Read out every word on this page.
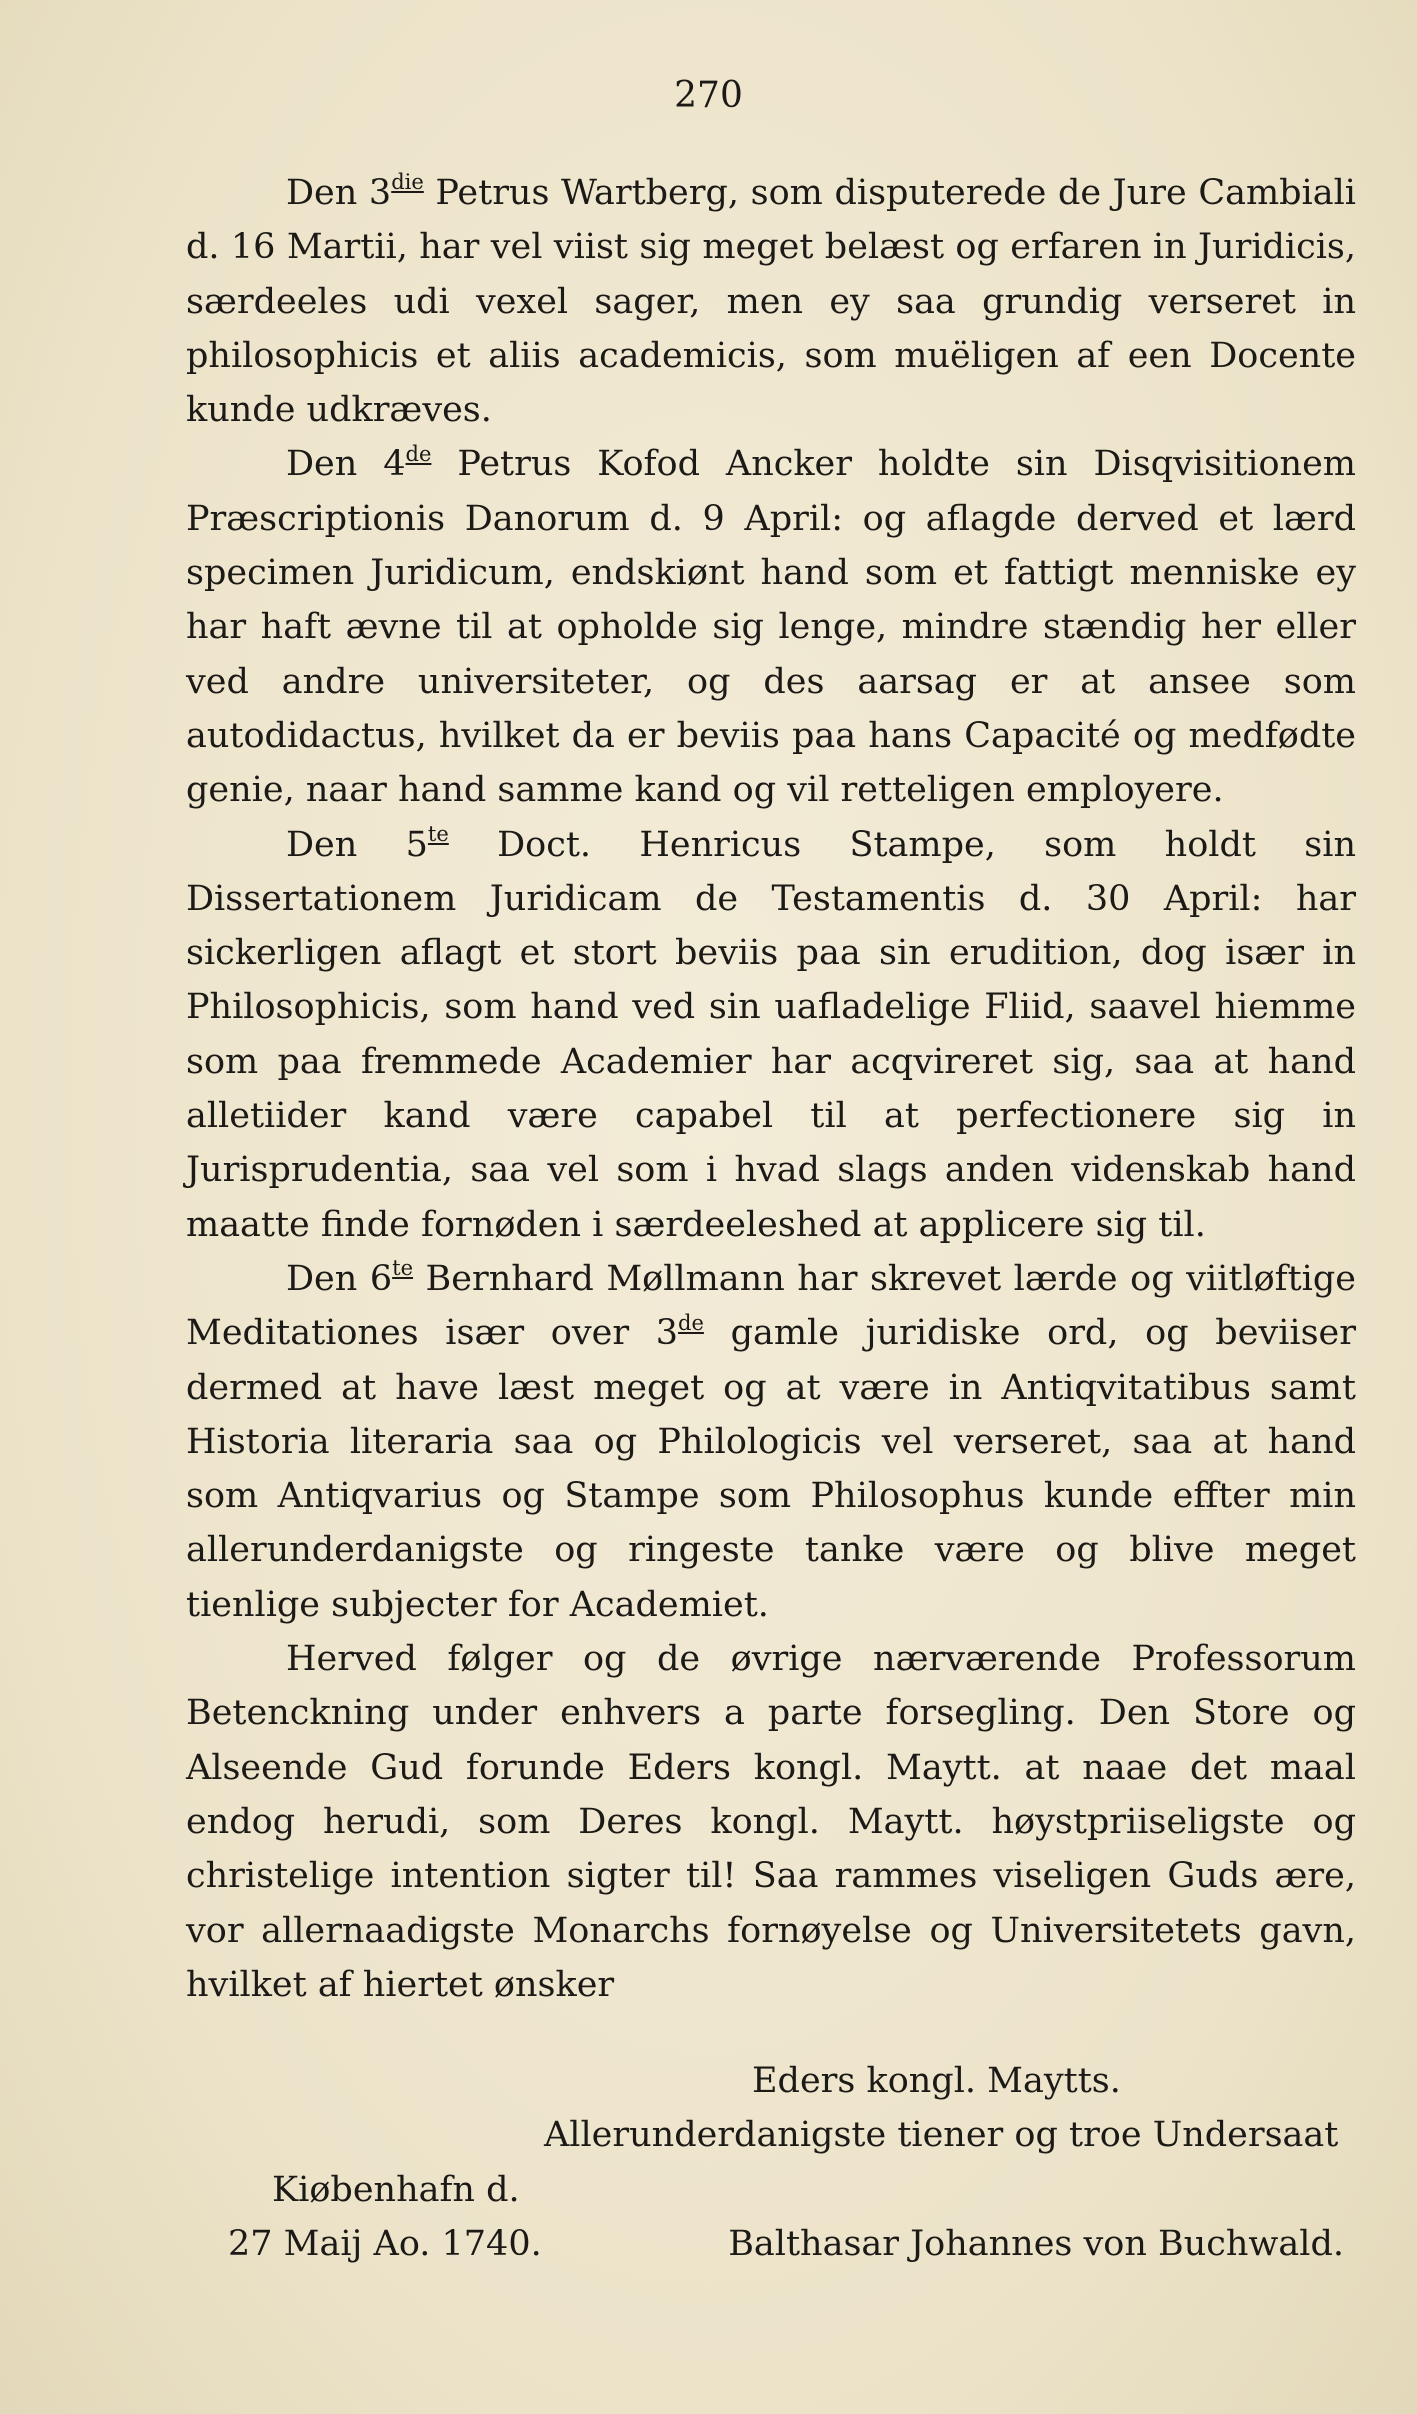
270

Den $3^{die}$ Petrus Wartberg, som disputerede de Jure Cambiali d. 16 Martii, har vel viist sig meget belæst og erfaren in Juridicis, særdeeles udi vexel sager, men ey saa grundig verseret in philosophicis et aliis academicis, som muëligen af een Docente kunde udkræves.

Den 4de Petrus Kofod Ancker holdte sin Disqvisitionem Præscriptionis Danorum d. 9 April: og aflagde derved et lærd specimen Juridicum, endskiønt hand som et fattigt menniske ey har haft ævne til at opholde sig lenge, mindre stændig her eller ved andre universiteter, og des aarsag er at ansee som autodidactus, hvilket da er beviis paa hans Capacité og medfødte genie, naar hand samme kand og vil retteligen employere.

Den $5^{te}$ Doct. Henricus Stampe, som holdt sin Dissertationem Juridicam de Testamentis d. 30 April: har sickerligen aflagt et stort beviis paa sin erudition, dog især in Philosophicis, som hand ved sin uafladelige Fliid, saavel hiemme som paa fremmede Academier har acqvireret sig, saa at hand alletiider kand være capabel til at perfectionere sig in Jurisprudentia, saa vel som i hvad slags anden videnskab hand maatte finde fornøden i særdeeleshed at applicere sig til.

Den $6^{te}$ Bernhard Møllmann har skrevet lærde og viitløftige Meditationes især over 3de gamle juridiske ord, og beviiser dermed at have læst meget og at være in Antiqvitatibus samt Historia literaria saa og Philologicis vel verseret, saa at hand som Antiqvarius og Stampe som Philosophus kunde effter min allerunderdanigste og ringeste tanke være og blive meget tienlige subjecter for Academiet.

Herved følger og de øvrige nærværende Professorum Betenckning under enhvers a parte forsegling. Den Store og Alseende Gud forunde Eders kongl. Maytt. at naae det maal endog herudi, som Deres kongl. Maytt. høystpriiseligste og christelige intention sigter til! Saa rammes viseligen Guds ære, vor allernaadigste Monarchs fornøyelse og Universitetets gavn, hvilket af hiertet ønsker

Eders kongl. Maytts.
Allerunderdanigste tiener og troe Undersaat
Kiøbenhafn d.
27 Maij Ao. 1740.	Balthasar Johannes von Buchwald.
